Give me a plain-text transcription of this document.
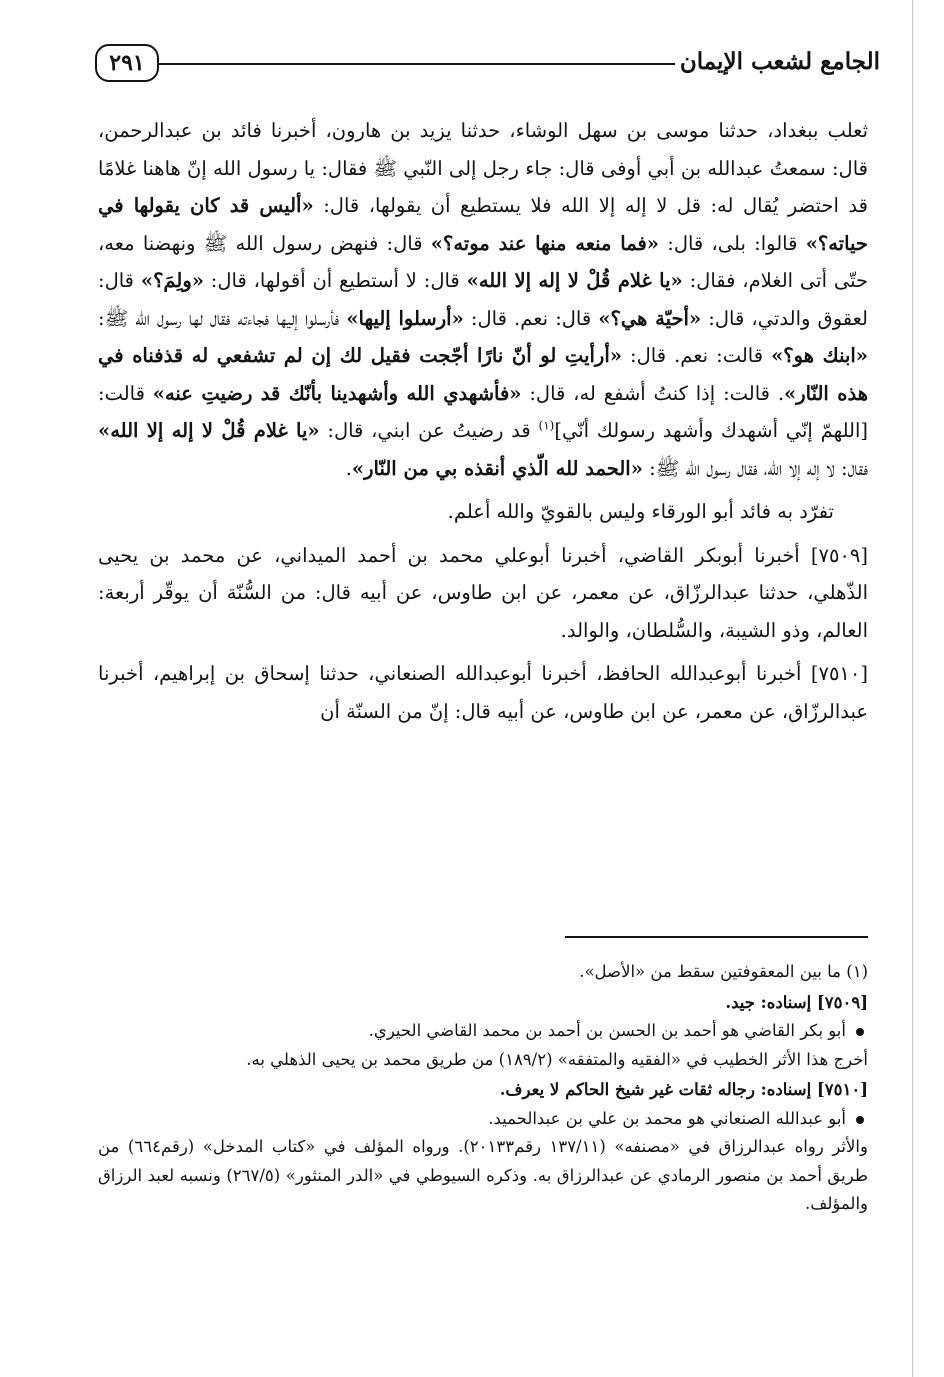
٢٩١	الجامع لشعب الإيمان

ثعلب ببغداد، حدثنا موسى بن سهل الوشاء، حدثنا يزيد بن هارون، أخبرنا فائد بن عبدالرحمن، قال: سمعتُ عبدالله بن أبي أوفى قال: جاء رجل إلى النّبي ﷺ فقال: يا رسول الله إنّ هاهنا غلامًا قد احتضر يُقال له: قل لا إله إلا الله فلا يستطيع أن يقولها، قال: «أليس قد كان يقولها في حياته؟» قالوا: بلى، قال: «فما منعه منها عند موته؟» قال: فنهض رسول الله ﷺ ونهضنا معه، حتّى أتى الغلام، فقال: «يا غلام قُلْ لا إله إلا الله» قال: لا أستطيع أن أقولها، قال: «ولِمَ؟» قال: لعقوق والدتي، قال: «أحيّة هي؟» قال: نعم. قال: «أرسلوا إليها» فأرسلوا إليها فجاءته فقال لها رسول الله ﷺ: «ابنك هو؟» قالت: نعم. قال: «أرأيتِ لو أنّ نارًا أجّجت فقيل لك إن لم تشفعي له قذفناه في هذه النّار». قالت: إذا كنتُ أشفع له، قال: «فأشهدي الله وأشهدينا بأنّك قد رضيتِ عنه» قالت: [اللهمّ إنّي أشهدك وأشهد رسولك أنّي]$^{(١)}$ قد رضيتُ عن ابني، قال: «يا غلام قُلْ لا إله إلا الله» فقال: لا إله إلا الله، فقال رسول الله ﷺ: «الحمد لله الّذي أنقذه بي من النّار».

تفرّد به فائد أبو الورقاء وليس بالقويّ والله أعلم.

[٧٥٠٩] أخبرنا أبوبكر القاضي، أخبرنا أبوعلي محمد بن أحمد الميداني، عن محمد بن يحيى الذّهلي، حدثنا عبدالرزّاق، عن معمر، عن ابن طاوس، عن أبيه قال: من السُّنّة أن يوقّر أربعة: العالم، وذو الشيبة، والسُّلطان، والوالد.

[٧٥١٠] أخبرنا أبوعبدالله الحافظ، أخبرنا أبوعبدالله الصنعاني، حدثنا إسحاق بن إبراهيم، أخبرنا عبدالرزّاق، عن معمر، عن ابن طاوس، عن أبيه قال: إنّ من السنّة أن

(١) ما بين المعقوفتين سقط من «الأصل».

[٧٥٠٩] إسناده: جيد.

أبو بكر القاضي هو أحمد بن الحسن بن أحمد بن محمد القاضي الحيري.

أخرج هذا الأثر الخطيب في «الفقيه والمتفقه» (١٨٩/٢) من طريق محمد بن يحيى الذهلي به.

[٧٥١٠] إسناده: رجاله ثقات غير شيخ الحاكم لا يعرف.

أبو عبدالله الصنعاني هو محمد بن علي بن عبدالحميد.

والأثر رواه عبدالرزاق في «مصنفه» (١٣٧/١١ رقم٢٠١٣٣). ورواه المؤلف في «كتاب المدخل» (رقم٦٦٤) من طريق أحمد بن منصور الرمادي عن عبدالرزاق به. وذكره السيوطي في «الدر المنثور» (٢٦٧/٥) ونسبه لعبد الرزاق والمؤلف.
